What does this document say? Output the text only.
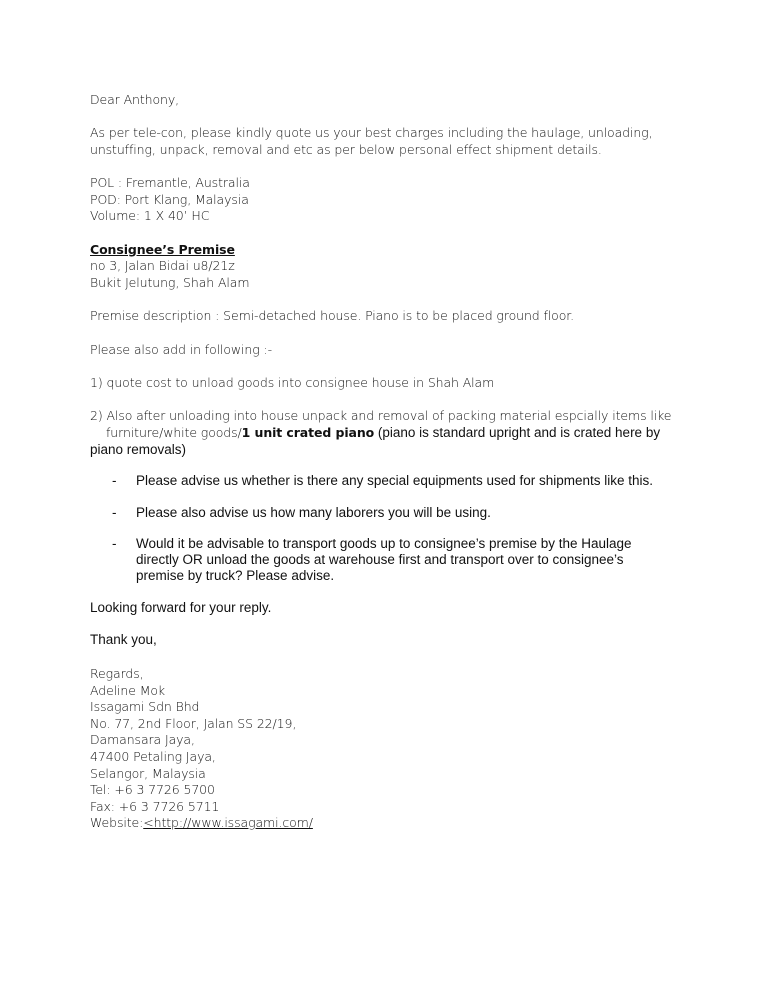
Dear Anthony,
As per tele-con, please kindly quote us your best charges including the haulage, unloading,
unstuffing, unpack, removal and etc as per below personal effect shipment details.
POL : Fremantle, Australia
POD: Port Klang, Malaysia
Volume: 1 X 40’ HC
Consignee’s Premise
no 3, Jalan Bidai u8/21z
Bukit Jelutung, Shah Alam
Premise description : Semi-detached house. Piano is to be placed ground floor.
Please also add in following :-
1) quote cost to unload goods into consignee house in Shah Alam
2) Also after unloading into house unpack and removal of packing material espcially items like
furniture/white goods/1 unit crated piano (piano is standard upright and is crated here by
piano removals)
- Please advise us whether is there any special equipments used for shipments like this.
- Please also advise us how many laborers you will be using.
- Would it be advisable to transport goods up to consignee’s premise by the Haulage
directly OR unload the goods at warehouse first and transport over to consignee’s
premise by truck? Please advise.
Looking forward for your reply.
Thank you,
Regards,
Adeline Mok
Issagami Sdn Bhd
No. 77, 2nd Floor, Jalan SS 22/19,
Damansara Jaya,
47400 Petaling Jaya,
Selangor, Malaysia
Tel: +6 3 7726 5700
Fax: +6 3 7726 5711
Website:<http://www.issagami.com/
